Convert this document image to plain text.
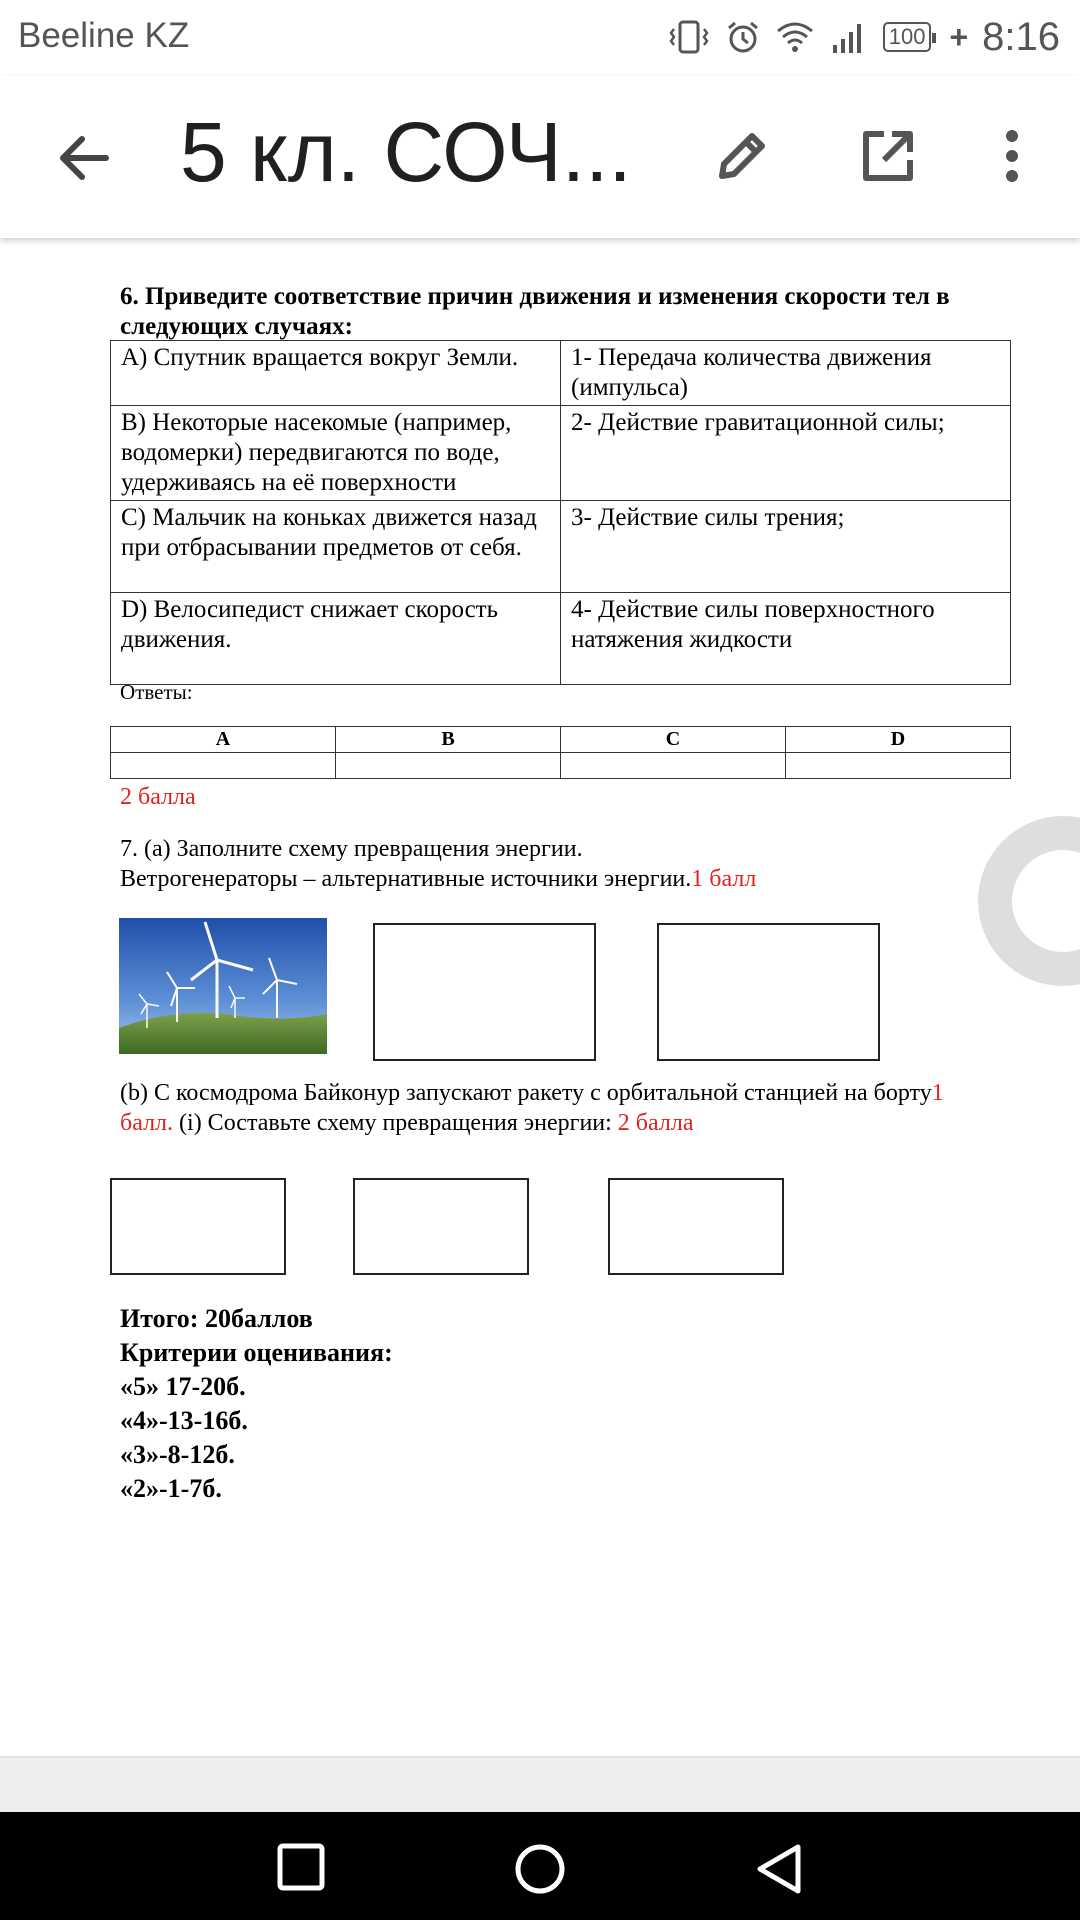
Beeline KZ	100 + 8:16
5 кл. СОЧ...
6. Приведите соответствие причин движения и изменения скорости тел в следующих случаях:
A) Спутник вращается вокруг Земли.	1- Передача количества движения (импульса)
B) Некоторые насекомые (например, водомерки) передвигаются по воде, удерживаясь на её поверхности	2- Действие гравитационной силы;
C) Мальчик на коньках движется назад при отбрасывании предметов от себя.	3- Действие силы трения;
D) Велосипедист снижает скорость движения.	4- Действие силы поверхностного натяжения жидкости
Ответы:
A	B	C	D

2 балла
7. (a) Заполните схему превращения энергии.
Ветрогенераторы – альтернативные источники энергии.1 балл
(b) С космодрома Байконур запускают ракету с орбитальной станцией на борту1 балл. (i) Составьте схему превращения энергии: 2 балла
Итого: 20баллов
Критерии оценивания:
«5» 17-20б.
«4»-13-16б.
«3»-8-12б.
«2»-1-7б.
